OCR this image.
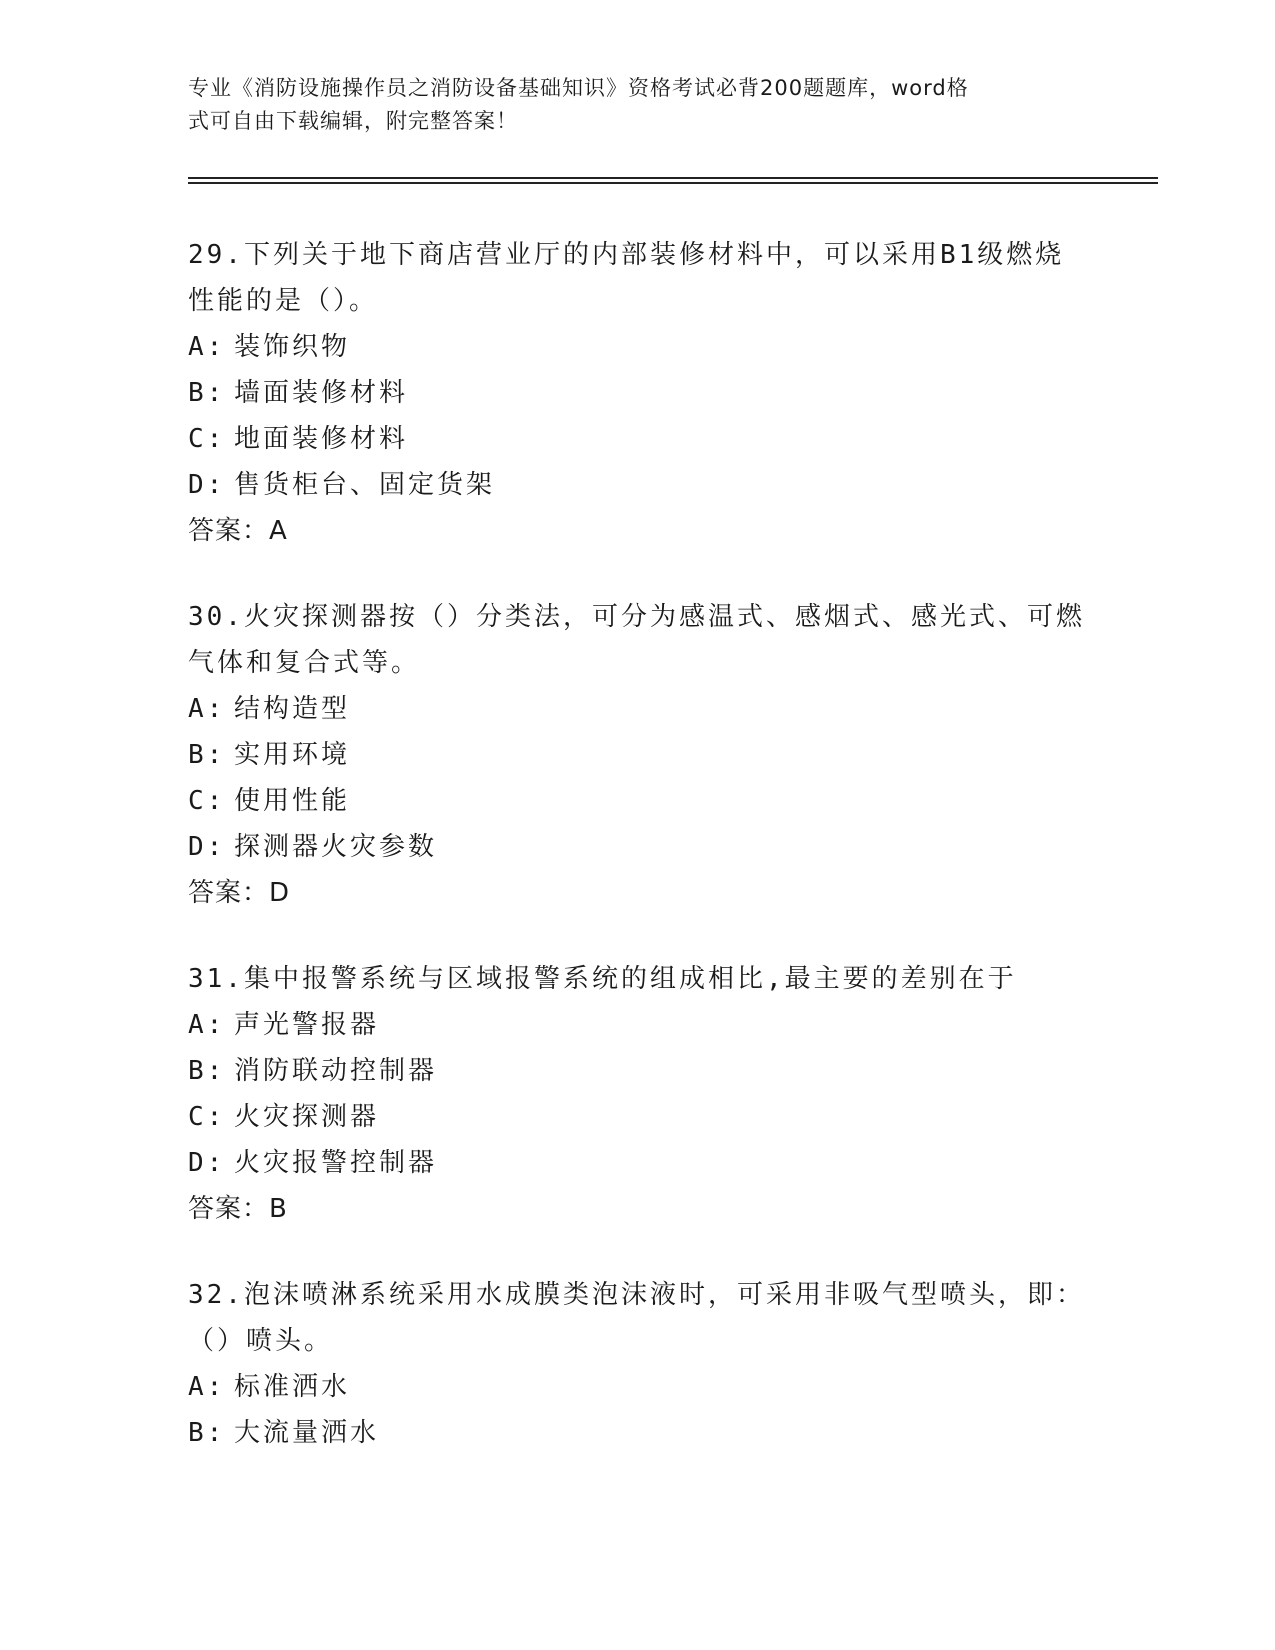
专业《消防设施操作员之消防设备基础知识》资格考试必背200题题库，word格
式可自由下载编辑，附完整答案！
29.下列关于地下商店营业厅的内部装修材料中，可以采用B1级燃烧
性能的是（）。
A: 装饰织物
B: 墙面装修材料
C: 地面装修材料
D: 售货柜台、固定货架
答案：A
30.火灾探测器按（）分类法，可分为感温式、感烟式、感光式、可燃
气体和复合式等。
A: 结构造型
B: 实用环境
C: 使用性能
D: 探测器火灾参数
答案：D
31.集中报警系统与区域报警系统的组成相比,最主要的差别在于
A: 声光警报器
B: 消防联动控制器
C: 火灾探测器
D: 火灾报警控制器
答案：B
32.泡沫喷淋系统采用水成膜类泡沫液时，可采用非吸气型喷头，即：
（）喷头。
A: 标准洒水
B: 大流量洒水
